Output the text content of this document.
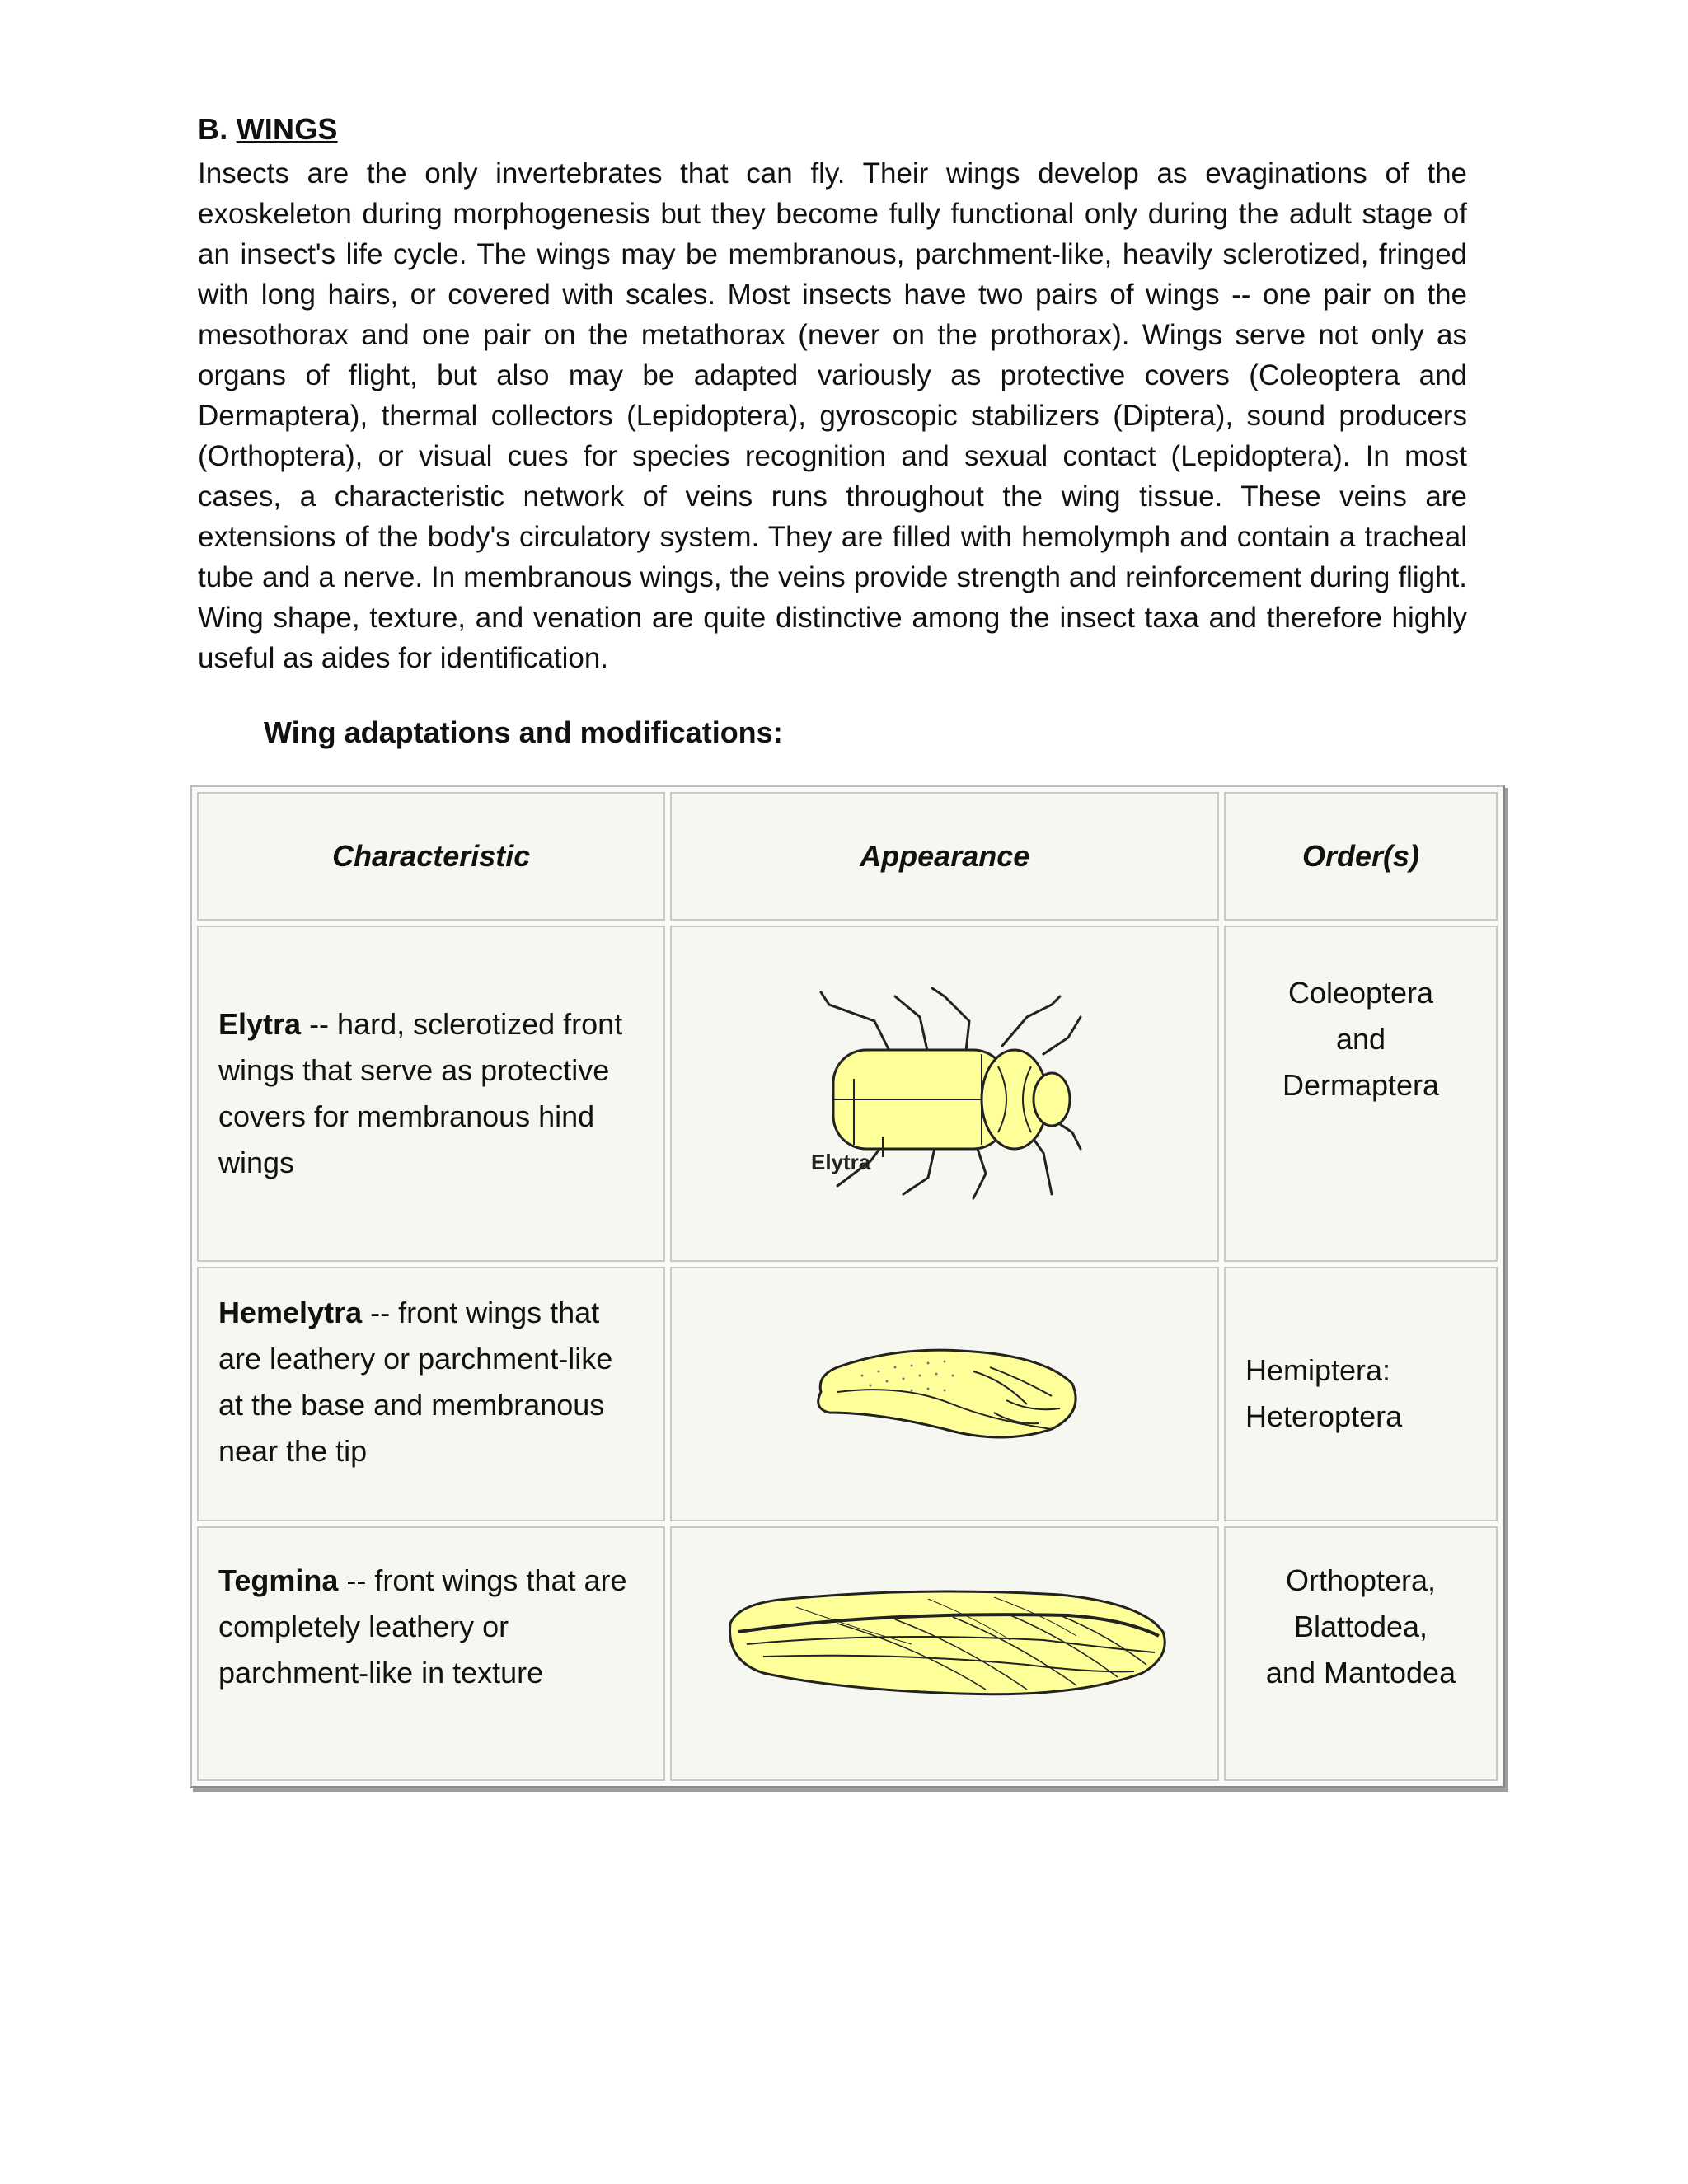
B. WINGS
Insects are the only invertebrates that can fly. Their wings develop as evaginations of the exoskeleton during morphogenesis but they become fully functional only during the adult stage of an insect's life cycle. The wings may be membranous, parchment-like, heavily sclerotized, fringed with long hairs, or covered with scales. Most insects have two pairs of wings -- one pair on the mesothorax and one pair on the metathorax (never on the prothorax). Wings serve not only as organs of flight, but also may be adapted variously as protective covers (Coleoptera and Dermaptera), thermal collectors (Lepidoptera), gyroscopic stabilizers (Diptera), sound producers (Orthoptera), or visual cues for species recognition and sexual contact (Lepidoptera). In most cases, a characteristic network of veins runs throughout the wing tissue. These veins are extensions of the body's circulatory system. They are filled with hemolymph and contain a tracheal tube and a nerve. In membranous wings, the veins provide strength and reinforcement during flight. Wing shape, texture, and venation are quite distinctive among the insect taxa and therefore highly useful as aides for identification.
Wing adaptations and modifications:
Characteristic	Appearance	Order(s)
Elytra -- hard, sclerotized front wings that serve as protective covers for membranous hind wings	Elytra	Coleoptera
and
Dermaptera

Hemelytra -- front wings that are leathery or parchment-like at the base and membranous near the tip		Hemiptera:
Heteroptera

Tegmina -- front wings that are completely leathery or parchment-like in texture		Orthoptera,
Blattodea,
and Mantodea
